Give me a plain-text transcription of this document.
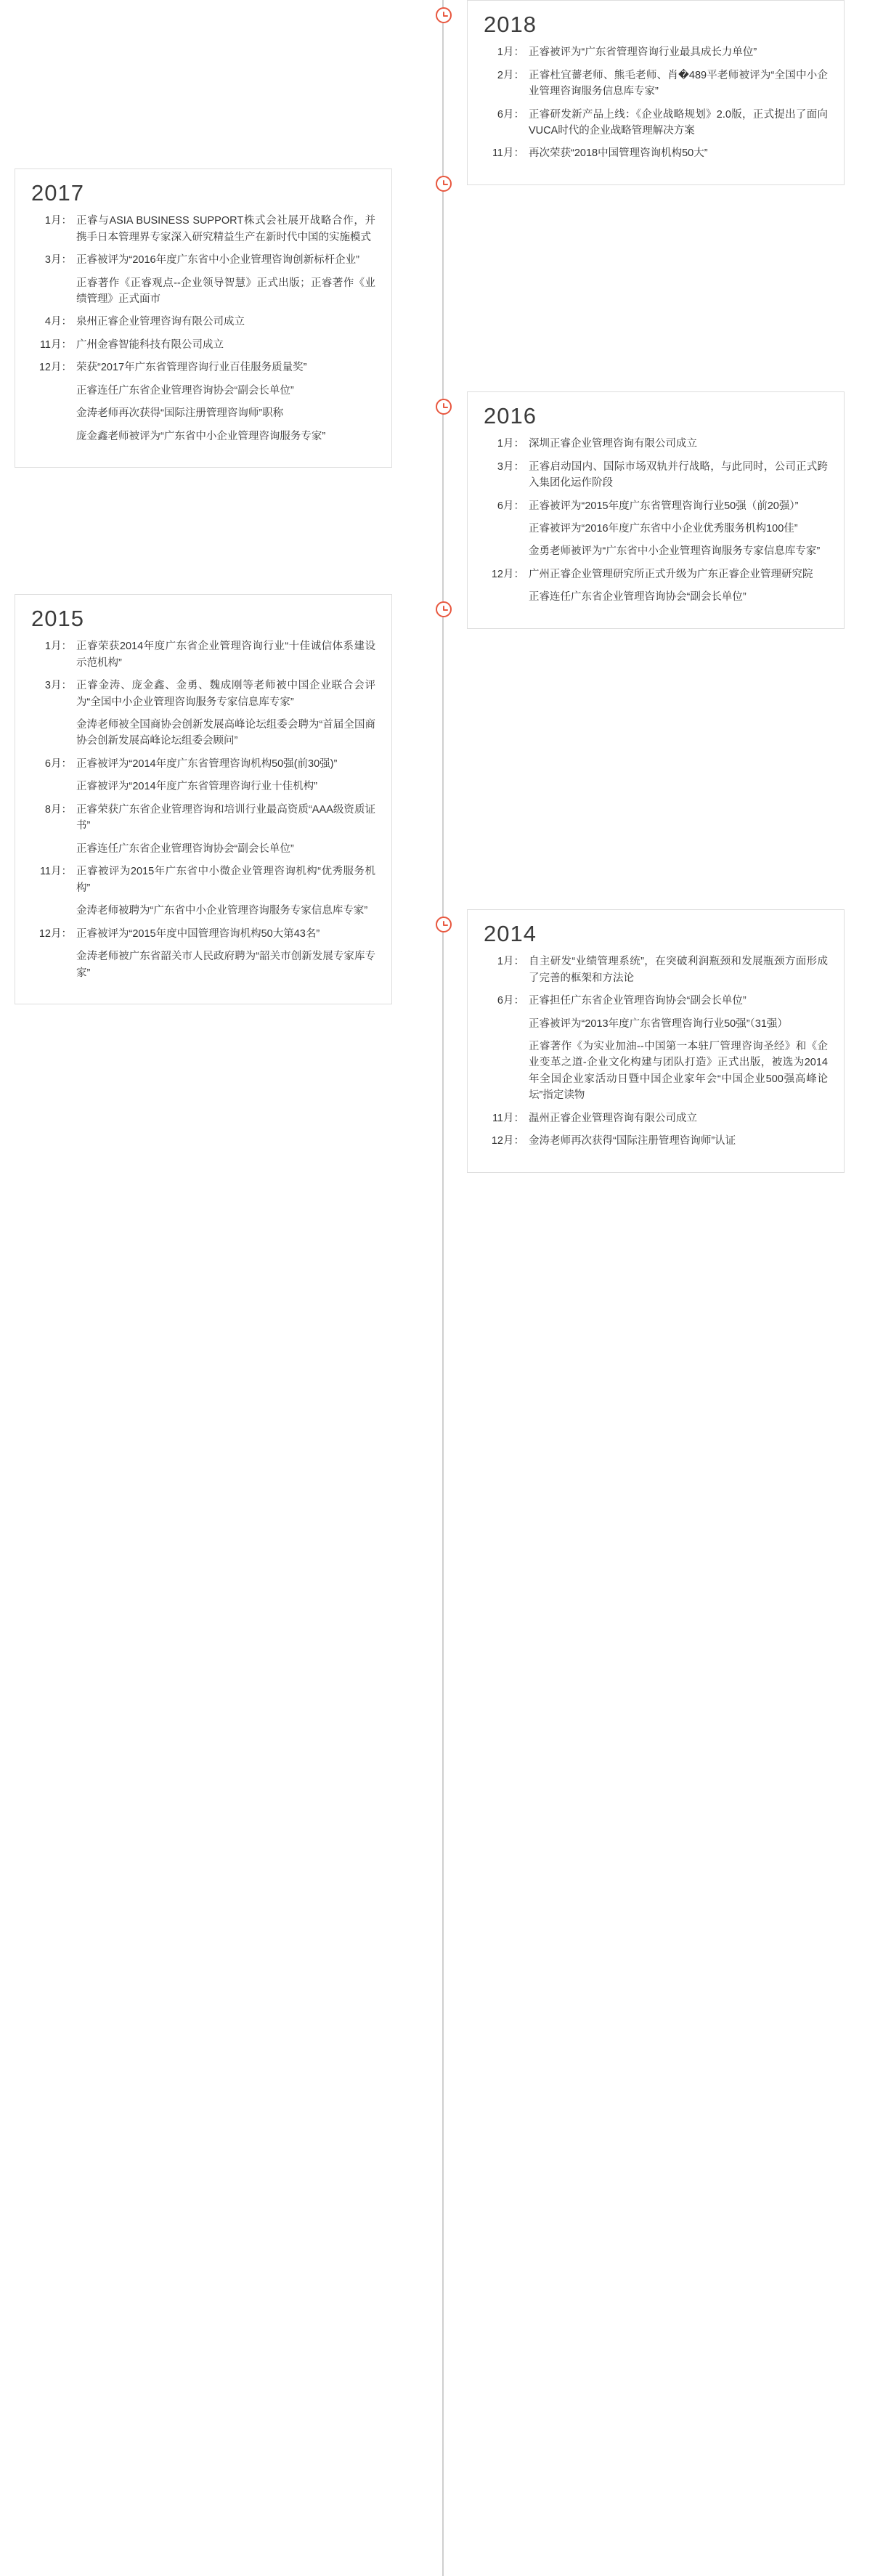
2018
1月： 正睿被评为“广东省管理咨询行业最具成长力单位”
2月： 正睿杜宜薔老师、熊毛老师、肖�489平老师被评为“全国中小企业管理咨询服务信息库专家”
6月： 正睿研发新产品上线：《企业战略规划》2.0版，正式提出了面向VUCA时代的企业战略管理解决方案
11月： 再次荣获“2018中国管理咨询机构50大”
2017
1月： 正睿与ASIA BUSINESS SUPPORT株式会社展开战略合作，并携手日本管理界专家深入研究精益生产在新时代中国的实施模式
3月： 正睿被评为“2016年度广东省中小企业管理咨询创新标杆企业”
正睿著作《正睿观点--企业领导智慧》正式出版；正睿著作《业绩管理》正式面市
4月： 泉州正睿企业管理咨询有限公司成立
11月： 广州金睿智能科技有限公司成立
12月： 荣获“2017年广东省管理咨询行业百佳服务质量奖”
正睿连任广东省企业管理咨询协会“副会长单位”
金涛老师再次获得“国际注册管理咨询师”职称
庞金鑫老师被评为“广东省中小企业管理咨询服务专家”
2016
1月： 深圳正睿企业管理咨询有限公司成立
3月： 正睿启动国内、国际市场双轨并行战略，与此同时，公司正式跨入集团化运作阶段
6月： 正睿被评为“2015年度广东省管理咨询行业50强（前20强）”
正睿被评为“2016年度广东省中小企业优秀服务机构100佳”
金勇老师被评为“广东省中小企业管理咨询服务专家信息库专家”
12月： 广州正睿企业管理研究所正式升级为广东正睿企业管理研究院
正睿连任广东省企业管理咨询协会“副会长单位”
2015
1月： 正睿荣获2014年度广东省企业管理咨询行业“十佳诚信体系建设示范机构”
3月： 正睿金涛、庞金鑫、金勇、魏成刚等老师被中国企业联合会评为“全国中小企业管理咨询服务专家信息库专家”
金涛老师被全国商协会创新发展高峰论坛组委会聘为“首届全国商协会创新发展高峰论坛组委会顾问”
6月： 正睿被评为“2014年度广东省管理咨询机构50强(前30强)”
正睿被评为“2014年度广东省管理咨询行业十佳机构”
8月： 正睿荣获广东省企业管理咨询和培训行业最高资质“AAA级资质证书”
正睿连任广东省企业管理咨询协会“副会长单位”
11月： 正睿被评为2015年广东省中小微企业管理咨询机构“优秀服务机构”
金涛老师被聘为“广东省中小企业管理咨询服务专家信息库专家”
12月： 正睿被评为“2015年度中国管理咨询机构50大第43名”
金涛老师被广东省韶关市人民政府聘为“韶关市创新发展专家库专家”
2014
1月： 自主研发“业绩管理系统”，在突破利润瓶颈和发展瓶颈方面形成了完善的框架和方法论
6月： 正睿担任广东省企业管理咨询协会“副会长单位”
正睿被评为“2013年度广东省管理咨询行业50强”（31强）
正睿著作《为实业加油--中国第一本驻厂管理咨询圣经》和《企业变革之道-企业文化构建与团队打造》正式出版，被选为2014年全国企业家活动日暨中国企业家年会“中国企业500强高峰论坛”指定读物
11月： 温州正睿企业管理咨询有限公司成立
12月： 金涛老师再次获得“国际注册管理咨询师”认证
